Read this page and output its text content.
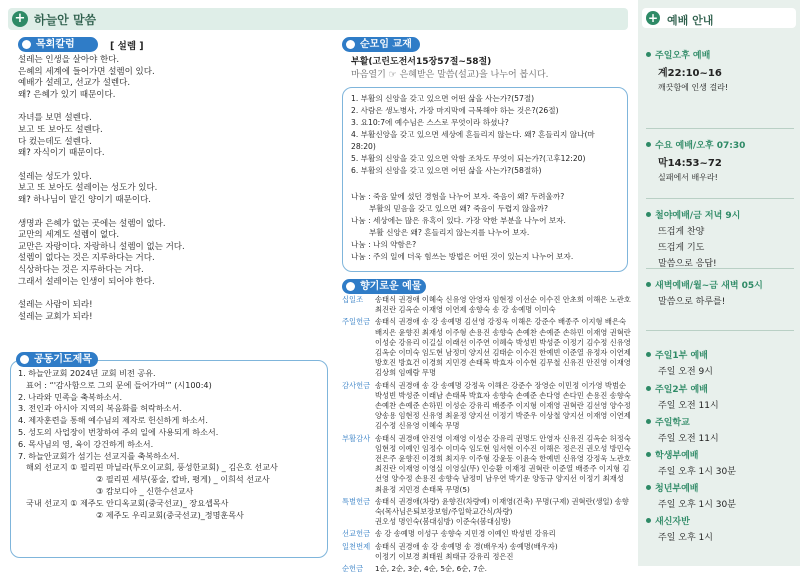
+ 하늘안 말씀
목회칼럼	[ 설렘 ]

설레는 인생을 살아야 한다.
은혜의 세계에 들어가면 설렘이 있다.
예배가 설레고, 선교가 설렌다.
왜? 은혜가 있기 때문이다.

자녀를 보면 설렌다.
보고 또 보아도 설렌다.
다 컸는데도 설렌다.
왜? 자식이기 때문이다.

설레는 성도가 있다.
보고 또 보아도 설레이는 성도가 있다.
왜? 하나님이 맡긴 양이기 때문이다.

생명과 은혜가 없는 곳에는 설렘이 없다.
교만의 세계도 설렘이 없다.
교만은 자랑이다. 자랑하니 설렘이 없는 거다.
설렘이 없다는 것은 지루하다는 거다.
식상하다는 것은 지루하다는 거다.
그래서 설레이는 인생이 되어야 한다.

설레는 사람이 되라!
설레는 교회가 되라!

공동기도제목
1. 하늘안교회 2024년 교회 비전 공유.
표어 : “'감사함으로 그의 문에 들어가며'” (시100:4)
2. 나라와 민족을 축복하소서.
3. 전인과 아시아 지역의 복음화를 허락하소서.
4. 제자훈련을 통해 예수님의 제자로 헌신하게 하소서.
5. 성도의 사업장이 번창하여 주의 일에 사용되게 하소서.
6. 목사님의 영, 육이 강건하게 하소서.
7. 하늘안교회가 섬기는 선교지를 축복하소서.
해외 선교지 ① 필리핀 마닐라(투오이교회, 풍성한교회) _ 김은호 선교사
② 필리핀 세부(풍술, 캅바, 평게) _ 이희석 선교사
③ 캄보디아 _ 신한수선교사
국내 선교지 ① 제주도 안디옥교회(중국선교)_ 장요셉목사
② 제주도 우리교회(중국선교)_정명훈목사
순모임 교재
부활(고린도전서15장57절~58절)
마음열기 ☞ 은혜받은 말씀(설교)을 나누어 봅시다.
1. 부활의 신앙을 갖고 있으면 어떤 삶을 사는가?(57절)
2. 사람은 생노병사, 가장 마지막에 극복해야 하는 것은?(26절)
3. 요10:7에 예수님은 스스로 무엇이라 하셨나?
4. 부활신앙을 갖고 있으면 세상에 흔들리지 않는다. 왜? 흔들리지 않나(마28:20)
5. 부활의 신앙을 갖고 있으면 악함 조차도 무엇이 되는가?(고후12:20)
6. 부활의 신앙을 갖고 있으면 어떤 삶을 사는가?(58절하)
나눔 : 죽음 앞에 섰던 경험을 나누어 보자. 죽음이 왜? 두려울까?
부활의 믿음을 갖고 있으면 왜? 죽음이 두렵지 않을까?
나눔 : 세상에는 많은 유혹이 있다. 가장 약한 부분을 나누어 보자.
부활 신앙은 왜? 흔들리지 않는지를 나누어 보자.
나눔 : 나의 약함은?
나눔 : 주의 일에 더욱 힘쓰는 방법은 어떤 것이 있는지 나누어 보자.
향기로운 예물
십일조	송태식 권경애 이혜숙 신유영 안영자 임현정 이선순 이수진 안초희 이해은 노관호 최진란 김옥순 이재영 이연제 송향숙 송 강 송예명 이미숙
주일헌금 송태식 권경애 송 강 송예명 김선영 강정욱 이해은 강준수 배종주 이지형 배은숙 배지은 윤향진 최재성 이주형 손용진 송향숙 손예찬 손예준 손하민 이재영 권혁란 이성순 강유리 이길실 이래선 이주연 이혜숙 박성빈 박성준 이정기 김수정 신유영 김옥순 이미숙 임도현 남정미 양지선 김태순 이수진 한예빈 이준열 유정자 이연제 방호진 방효건 이경희 지민경 손태복 박효자 이수현 김무철 신유진 안진영 이재영 김상희 임예람 무명
감사헌금 송태식 권경애 송 강 송예명 강정욱 이해은 강준수 장영순 이민정 이가영 박범순 박성빈 박성준 이래남 손태복 박효자 송향숙 손예준 손다영 손다민 손용진 송향숙 손예찬 손예준 손하민 이성순 강유리 배종주 이지형 이재영 권혁란 김선영 양수정 양송용 임현정 신유영 최윤정 양지선 이정기 박준우 이상철 양지선 이재영 이연제 김수정 신유영 이혜숙 무명
부활감사 송태식 권경애 안진영 이재영 이성순 강유리 권명도 안영자 신유진 김옥순 허정숙 임현정 이예인 임정수 이미숙 임도현 임서현 이수진 이해은 정은진 권오성 방민숙 전은주 윤향진 이경희 최지우 이주형 강윤동 이윤숙 한예빈 신유영 강정욱 노관호 최진란 이재영 이영실 이영실(뚜) 인승환 이재정 권혁란 이준열 배종주 이지형 김선영 양수정 손용진 송향숙 남정미 남우연 박기운 양동규 양지선 이정기 최재성 최윤정 지민경 손태복 무명(5)
특별헌금 송태식 권경애(차량) 윤향진(차량예) 이재영(건축) 무명(구제) 권혁란(생일) 송향숙(목사님은퇴보장보험/주일학교간식/차량)
권오성 명인숙(봄대심방) 이준숙(봄대심방)
선교헌금 송 강 송예명 이성구 송향숙 지민경 이예인 박성빈 강유리
일천번제 송태식 권경애 송 강 송예명 송 경(배우자) 송예명(배우자)
이정기 이보경 최태원 최태규 강유리 정은진
순헌금	1순, 2순, 3순, 4순, 5순, 6순, 7순.
+ 예배 안내
주일오후 예배
계22:10~16
깨끗함에 인생 걸라!
수요 예배/오후 07:30
막14:53~72
실패에서 배우라!
철야예배/금 저녁 9시
뜨겁게 찬양
뜨겁게 기도
말씀으로 응답!
새벽예배/월~금 새벽 05시
말씀으로 하루를!
주일1부 예배
주일 오전 9시
주일2부 예배
주일 오전 11시
주일학교
주일 오전 11시
학생부예배
주일 오후 1시 30분
청년부예배
주일 오후 1시 30분
새신자반
주일 오후 1시
